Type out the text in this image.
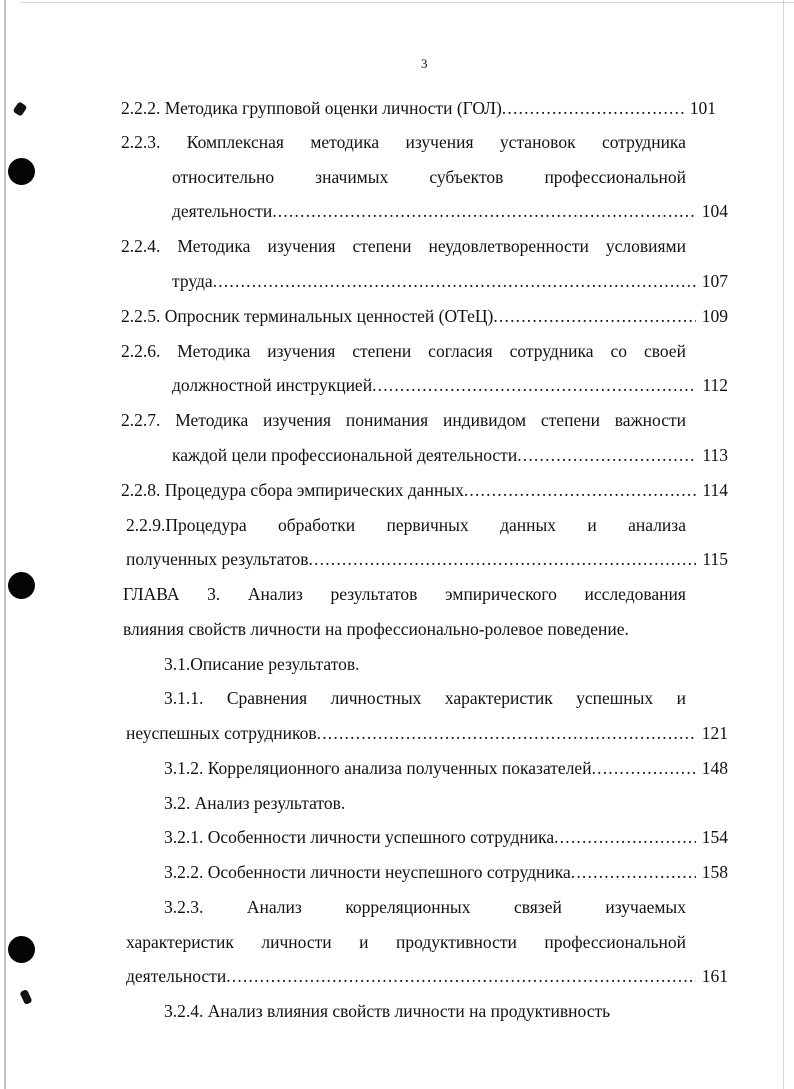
3
2.2.2. Методика групповой оценки личности (ГОЛ) .....	101
2.2.3. Комплексная методика изучения установок сотрудника
относительно значимых субъектов профессиональной
деятельности .....	104
2.2.4. Методика изучения степени неудовлетворенности условиями
труда .....	107
2.2.5. Опросник терминальных ценностей (ОТеЦ) .....	109
2.2.6. Методика изучения степени согласия сотрудника со своей
должностной инструкцией .....	112
2.2.7. Методика изучения понимания индивидом степени важности
каждой цели профессиональной деятельности .....	113
2.2.8. Процедура сбора эмпирических данных .....	114
2.2.9.Процедура обработки первичных данных и анализа
полученных результатов .....	115
ГЛАВА 3. Анализ результатов эмпирического исследования
влияния свойств личности на профессионально-ролевое поведение.
3.1.Описание результатов.
3.1.1. Сравнения личностных характеристик успешных и
неуспешных сотрудников .....	121
3.1.2. Корреляционного анализа полученных показателей .....	148
3.2. Анализ результатов.
3.2.1. Особенности личности успешного сотрудника .....	154
3.2.2. Особенности личности неуспешного сотрудника .....	158
3.2.3. Анализ корреляционных связей изучаемых
характеристик личности и продуктивности профессиональной
деятельности .....	161
3.2.4. Анализ влияния свойств личности на продуктивность
